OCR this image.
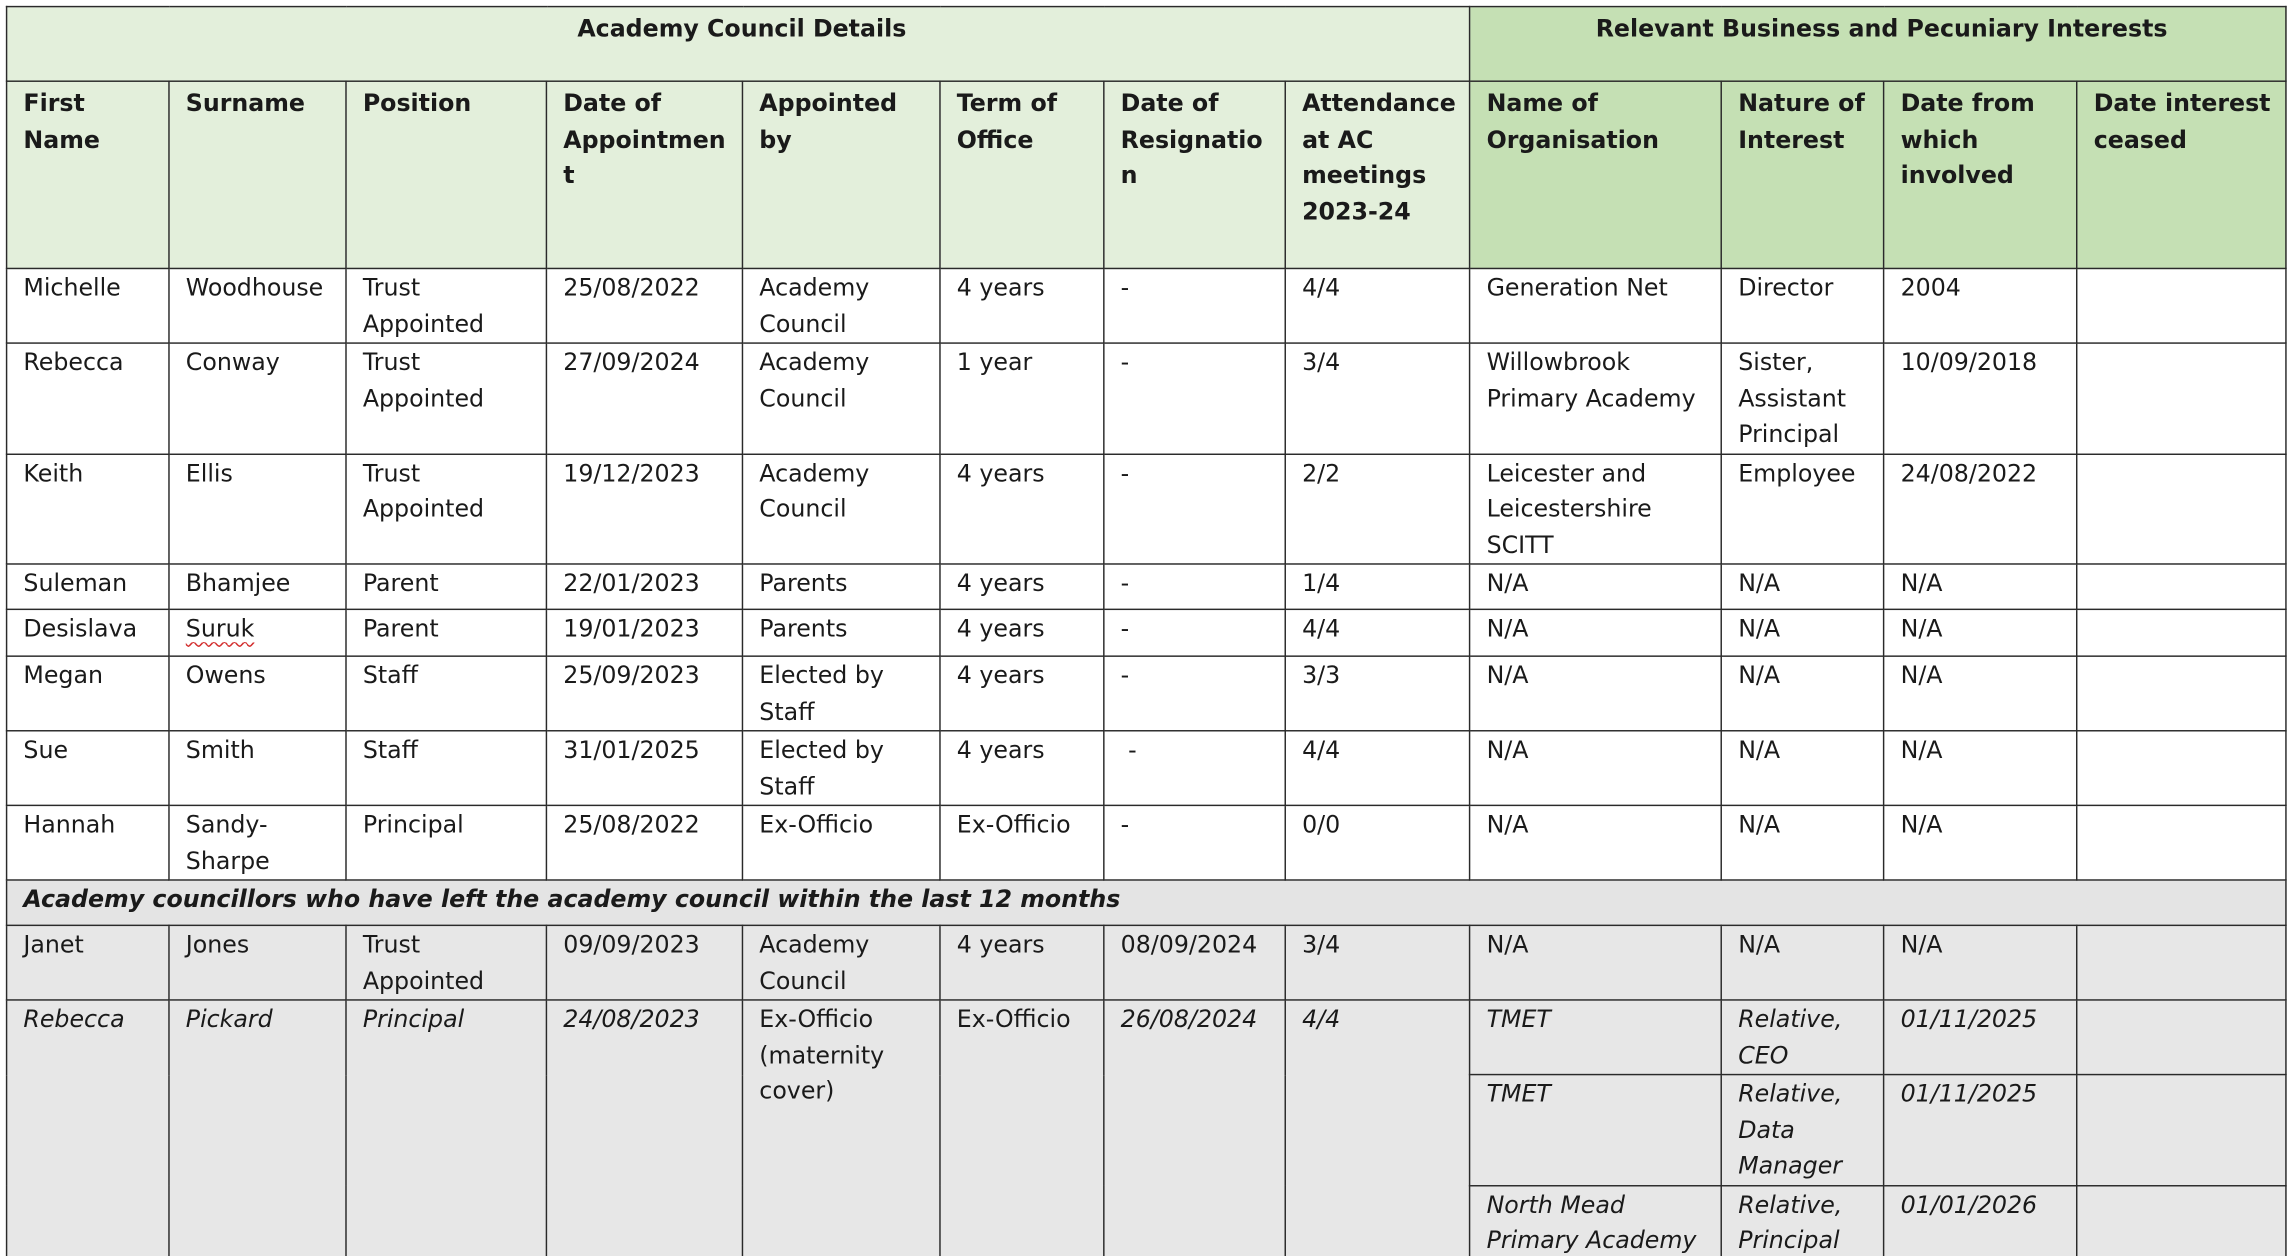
Academy Council Details								Relevant Business and Pecuniary Interests			
First Name	Surname	Position	Date of Appointment	Appointed by	Term of Office	Date of Resignation	Attendance at AC meetings 2023-24	Name of Organisation	Nature of Interest	Date from which involved	Date interest ceased
Michelle	Woodhouse	Trust Appointed	25/08/2022	Academy Council	4 years	-	4/4	Generation Net	Director	2004	
Rebecca	Conway	Trust Appointed	27/09/2024	Academy Council	1 year	-	3/4	Willowbrook Primary Academy	Sister, Assistant Principal	10/09/2018	
Keith	Ellis	Trust Appointed	19/12/2023	Academy Council	4 years	-	2/2	Leicester and Leicestershire SCITT	Employee	24/08/2022	
Suleman	Bhamjee	Parent	22/01/2023	Parents	4 years	-	1/4	N/A	N/A	N/A	
Desislava	Suruk	Parent	19/01/2023	Parents	4 years	-	4/4	N/A	N/A	N/A	
Megan	Owens	Staff	25/09/2023	Elected by Staff	4 years	-	3/3	N/A	N/A	N/A	
Sue	Smith	Staff	31/01/2025	Elected by Staff	4 years	-	4/4	N/A	N/A	N/A	
Hannah	Sandy-Sharpe	Principal	25/08/2022	Ex-Officio	Ex-Officio	-	0/0	N/A	N/A	N/A	
Academy councillors who have left the academy council within the last 12 months											
Janet	Jones	Trust Appointed	09/09/2023	Academy Council	4 years	08/09/2024	3/4	N/A	N/A	N/A	
Rebecca	Pickard	Principal	24/08/2023	Ex-Officio (maternity cover)	Ex-Officio	26/08/2024	4/4	TMET	Relative, CEO	01/11/2025	
								TMET	Relative, Data Manager	01/11/2025	
								North Mead Primary Academy	Relative, Principal	01/01/2026	
